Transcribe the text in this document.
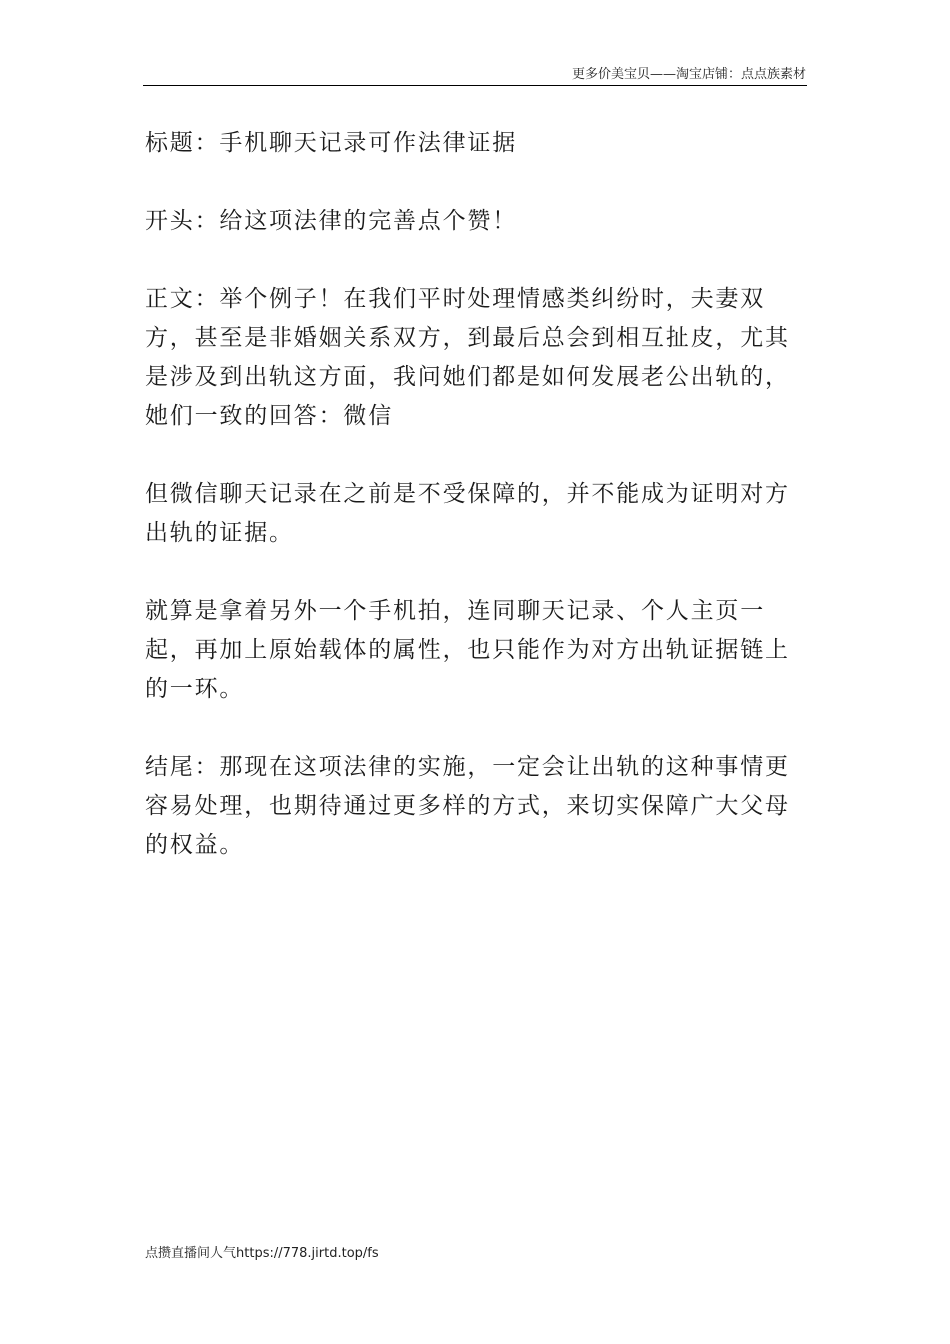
更多价美宝贝——淘宝店铺：点点族素材

标题：手机聊天记录可作法律证据

开头：给这项法律的完善点个赞！

正文：举个例子！在我们平时处理情感类纠纷时，夫妻双方，甚至是非婚姻关系双方，到最后总会到相互扯皮，尤其是涉及到出轨这方面，我问她们都是如何发展老公出轨的，她们一致的回答：微信

但微信聊天记录在之前是不受保障的，并不能成为证明对方出轨的证据。

就算是拿着另外一个手机拍，连同聊天记录、个人主页一起，再加上原始载体的属性，也只能作为对方出轨证据链上的一环。

结尾：那现在这项法律的实施，一定会让出轨的这种事情更容易处理，也期待通过更多样的方式，来切实保障广大父母的权益。

点攒直播间人气https://778.jirtd.top/fs
